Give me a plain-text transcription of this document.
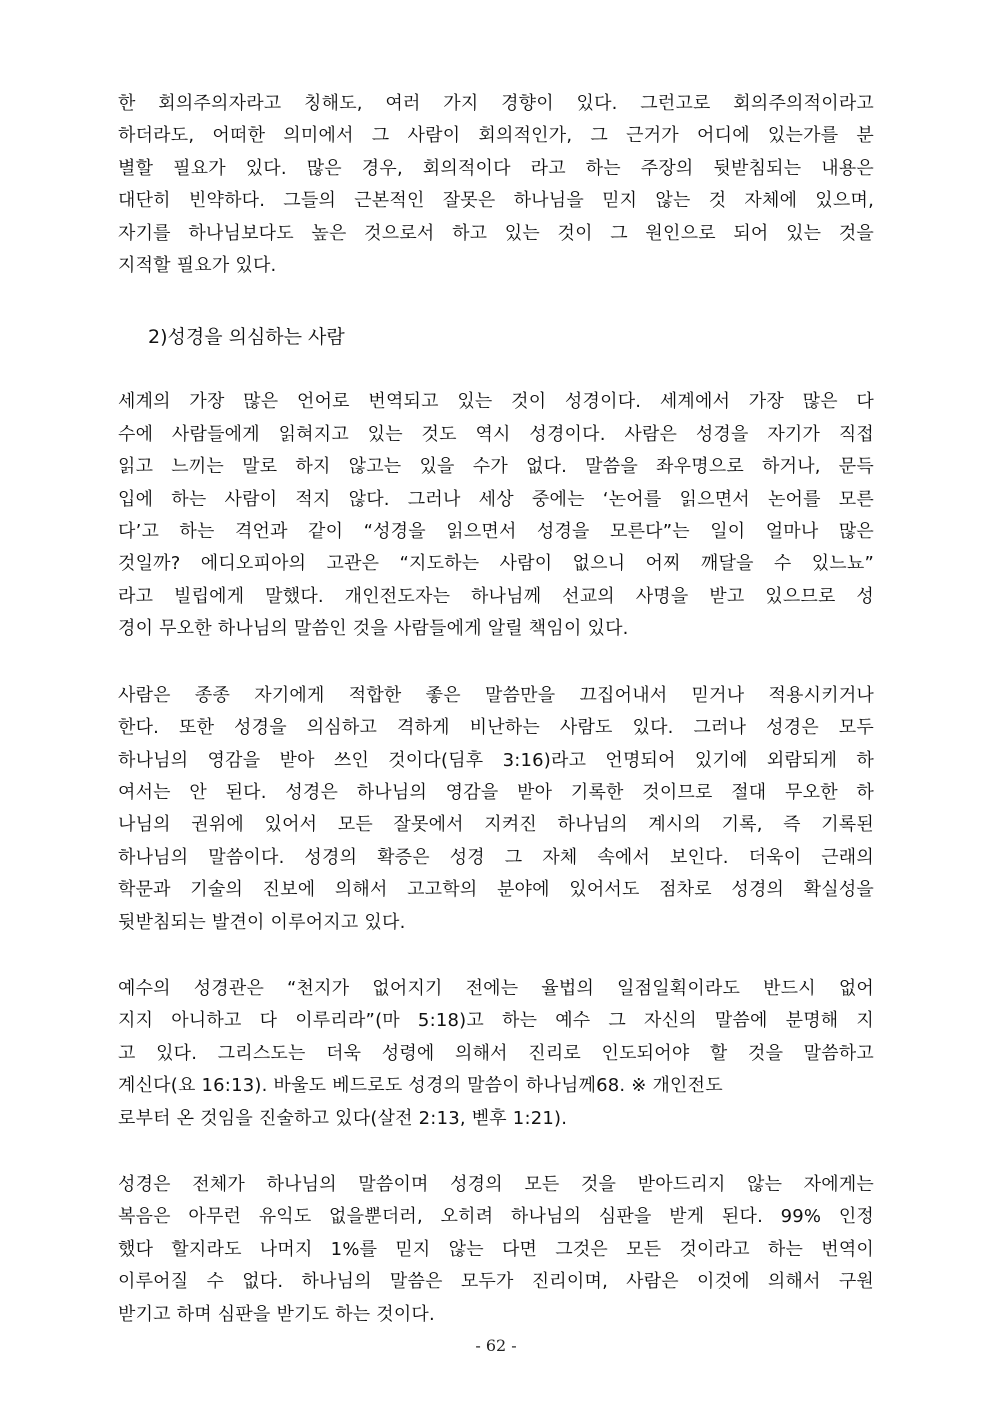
한 회의주의자라고 칭해도, 여러 가지 경향이 있다. 그런고로 회의주의적이라고
하더라도, 어떠한 의미에서 그 사람이 회의적인가, 그 근거가 어디에 있는가를 분
별할 필요가 있다. 많은 경우, 회의적이다 라고 하는 주장의 뒷받침되는 내용은
대단히 빈약하다. 그들의 근본적인 잘못은 하나님을 믿지 않는 것 자체에 있으며,
자기를 하나님보다도 높은 것으로서 하고 있는 것이 그 원인으로 되어 있는 것을
지적할 필요가 있다.

2)성경을 의심하는 사람

세계의 가장 많은 언어로 번역되고 있는 것이 성경이다. 세계에서 가장 많은 다
수에 사람들에게 읽혀지고 있는 것도 역시 성경이다. 사람은 성경을 자기가 직접
읽고 느끼는 말로 하지 않고는 있을 수가 없다. 말씀을 좌우명으로 하거나, 문득
입에 하는 사람이 적지 않다. 그러나 세상 중에는 ‘논어를 읽으면서 논어를 모른
다’고 하는 격언과 같이 “성경을 읽으면서 성경을 모른다”는 일이 얼마나 많은
것일까? 에디오피아의 고관은 “지도하는 사람이 없으니 어찌 깨달을 수 있느뇨”
라고 빌립에게 말했다. 개인전도자는 하나님께 선교의 사명을 받고 있으므로 성
경이 무오한 하나님의 말씀인 것을 사람들에게 알릴 책임이 있다.

사람은 종종 자기에게 적합한 좋은 말씀만을 끄집어내서 믿거나 적용시키거나
한다. 또한 성경을 의심하고 격하게 비난하는 사람도 있다. 그러나 성경은 모두
하나님의 영감을 받아 쓰인 것이다(딤후 3:16)라고 언명되어 있기에 외람되게 하
여서는 안 된다. 성경은 하나님의 영감을 받아 기록한 것이므로 절대 무오한 하
나님의 권위에 있어서 모든 잘못에서 지켜진 하나님의 계시의 기록, 즉 기록된
하나님의 말씀이다. 성경의 확증은 성경 그 자체 속에서 보인다. 더욱이 근래의
학문과 기술의 진보에 의해서 고고학의 분야에 있어서도 점차로 성경의 확실성을
뒷받침되는 발견이 이루어지고 있다.

예수의 성경관은 “천지가 없어지기 전에는 율법의 일점일획이라도 반드시 없어
지지 아니하고 다 이루리라”(마 5:18)고 하는 예수 그 자신의 말씀에 분명해 지
고 있다. 그리스도는 더욱 성령에 의해서 진리로 인도되어야 할 것을 말씀하고
계신다(요 16:13). 바울도 베드로도 성경의 말씀이 하나님께68. ※ 개인전도
로부터 온 것임을 진술하고 있다(살전 2:13, 벧후 1:21).

성경은 전체가 하나님의 말씀이며 성경의 모든 것을 받아드리지 않는 자에게는
복음은 아무런 유익도 없을뿐더러, 오히려 하나님의 심판을 받게 된다. 99% 인정
했다 할지라도 나머지 1%를 믿지 않는 다면 그것은 모든 것이라고 하는 번역이
이루어질 수 없다. 하나님의 말씀은 모두가 진리이며, 사람은 이것에 의해서 구원
받기고 하며 심판을 받기도 하는 것이다.

- 62 -
